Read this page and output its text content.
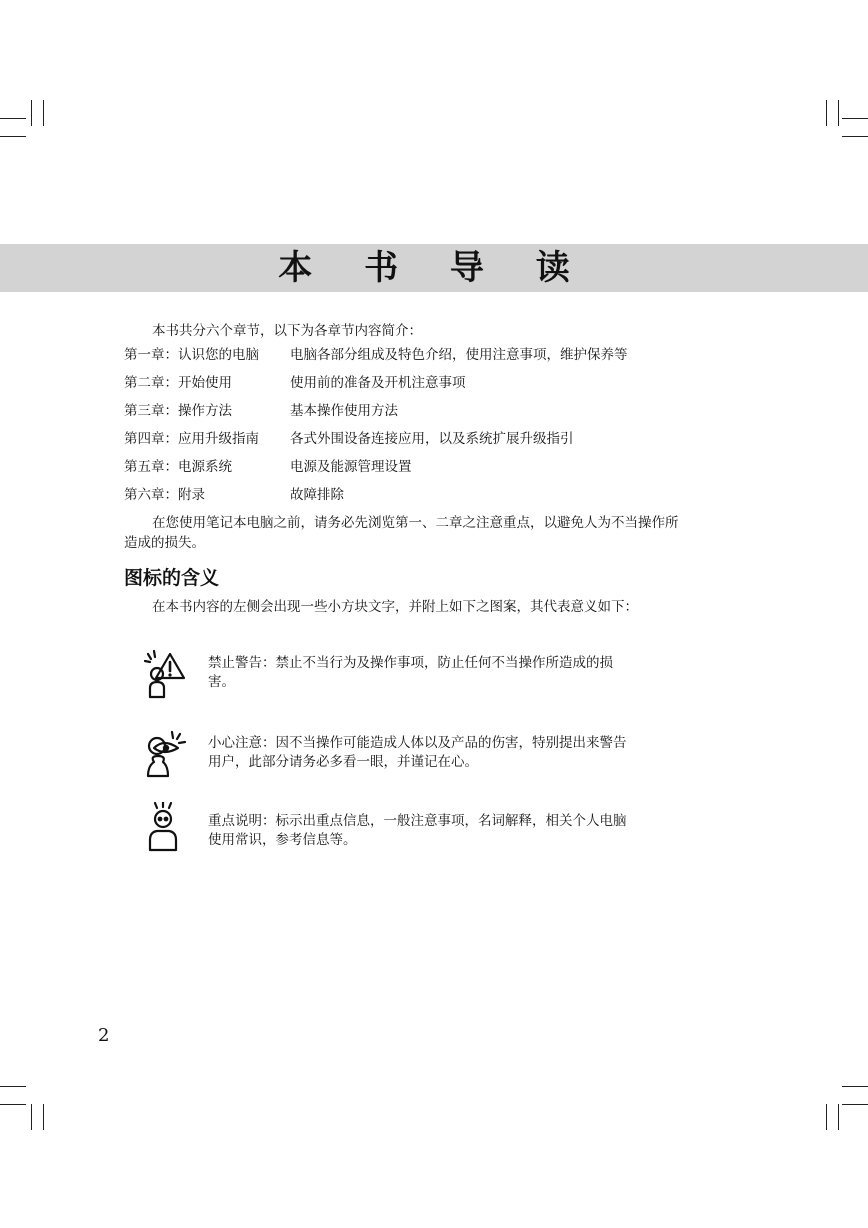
本 书 导 读
本书共分六个章节，以下为各章节内容简介：
第一章：认识您的电脑 电脑各部分组成及特色介绍，使用注意事项，维护保养等
第二章：开始使用	使用前的准备及开机注意事项
第三章：操作方法	基本操作使用方法
第四章：应用升级指南 各式外围设备连接应用，以及系统扩展升级指引
第五章：电源系统	电源及能源管理设置
第六章：附录	故障排除
在您使用笔记本电脑之前，请务必先浏览第一、二章之注意重点，以避免人为不当操作所
造成的损失。
图标的含义
在本书内容的左侧会出现一些小方块文字，并附上如下之图案，其代表意义如下：
禁止警告：禁止不当行为及操作事项，防止任何不当操作所造成的损
害。
小心注意：因不当操作可能造成人体以及产品的伤害，特别提出来警告
用户，此部分请务必多看一眼，并谨记在心。
重点说明：标示出重点信息，一般注意事项，名词解释，相关个人电脑
使用常识，参考信息等。
2
